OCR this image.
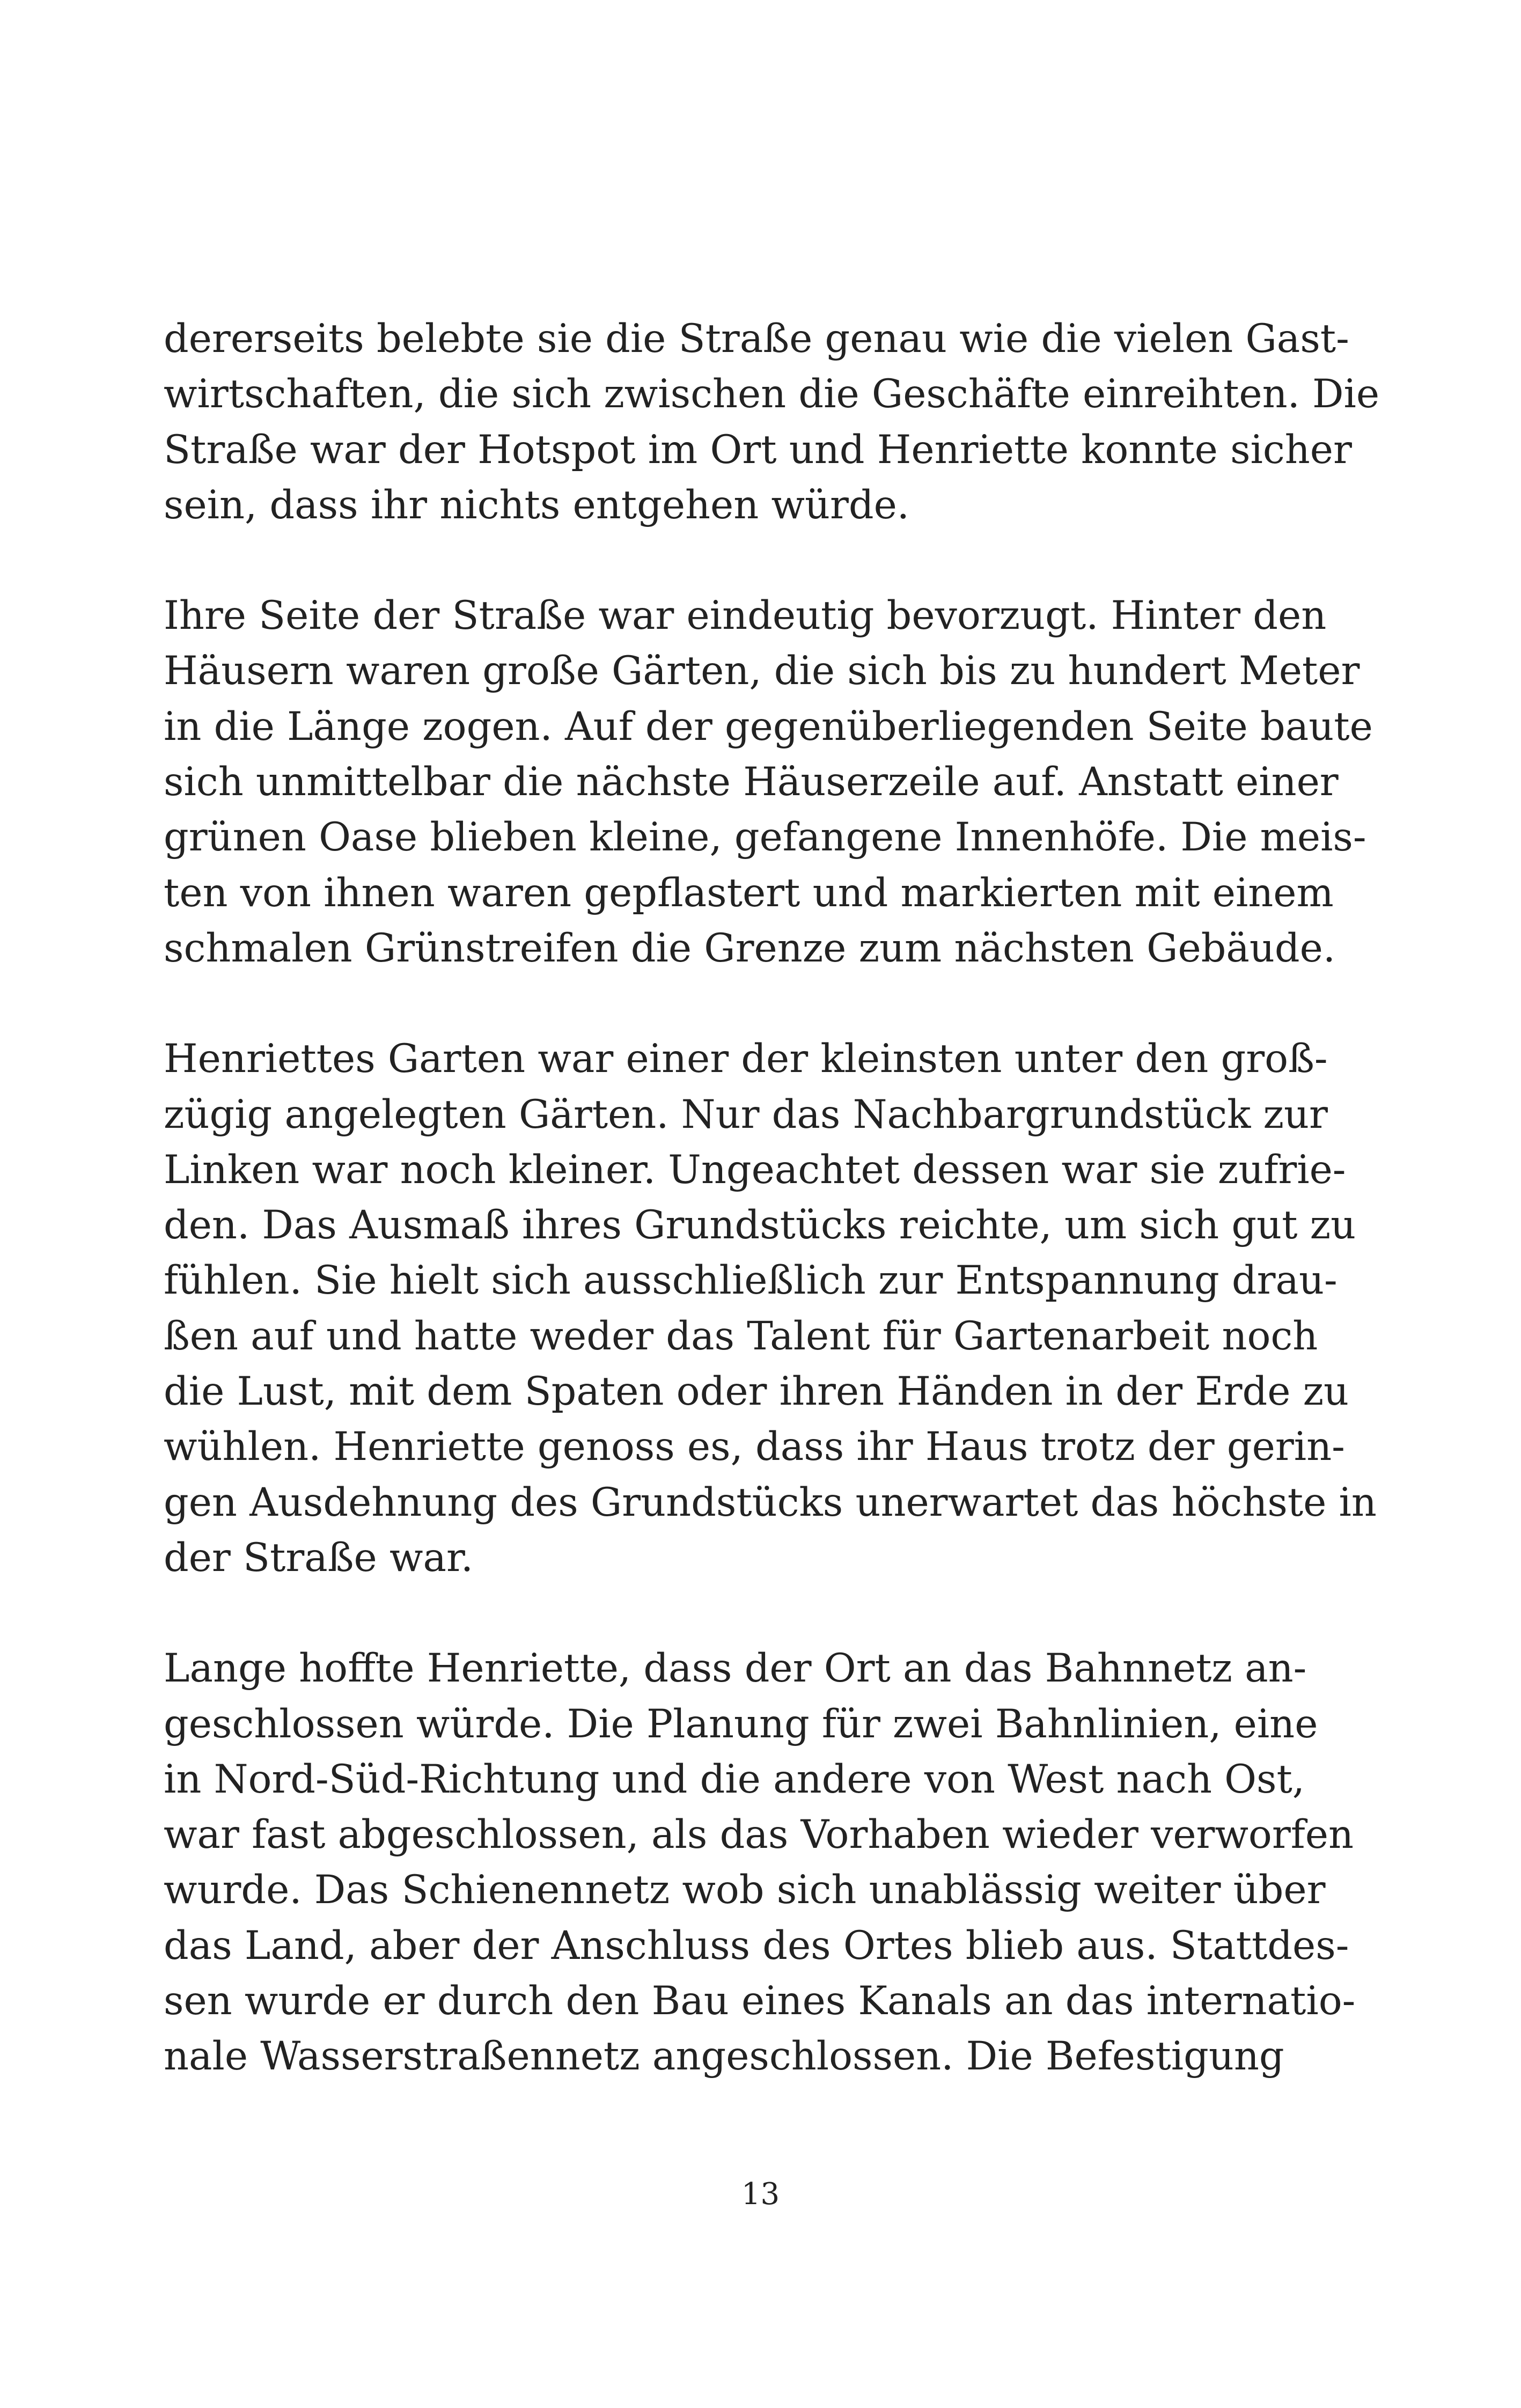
dererseits belebte sie die Straße genau wie die vielen Gast-
wirtschaften, die sich zwischen die Geschäfte einreihten. Die
Straße war der Hotspot im Ort und Henriette konnte sicher
sein, dass ihr nichts entgehen würde.

Ihre Seite der Straße war eindeutig bevorzugt. Hinter den
Häusern waren große Gärten, die sich bis zu hundert Meter
in die Länge zogen. Auf der gegenüberliegenden Seite baute
sich unmittelbar die nächste Häuserzeile auf. Anstatt einer
grünen Oase blieben kleine, gefangene Innenhöfe. Die meis-
ten von ihnen waren gepflastert und markierten mit einem
schmalen Grünstreifen die Grenze zum nächsten Gebäude.

Henriettes Garten war einer der kleinsten unter den groß-
zügig angelegten Gärten. Nur das Nachbargrundstück zur
Linken war noch kleiner. Ungeachtet dessen war sie zufrie-
den. Das Ausmaß ihres Grundstücks reichte, um sich gut zu
fühlen. Sie hielt sich ausschließlich zur Entspannung drau-
ßen auf und hatte weder das Talent für Gartenarbeit noch
die Lust, mit dem Spaten oder ihren Händen in der Erde zu
wühlen. Henriette genoss es, dass ihr Haus trotz der gerin-
gen Ausdehnung des Grundstücks unerwartet das höchste in
der Straße war.

Lange hoffte Henriette, dass der Ort an das Bahnnetz an-
geschlossen würde. Die Planung für zwei Bahnlinien, eine
in Nord-Süd-Richtung und die andere von West nach Ost,
war fast abgeschlossen, als das Vorhaben wieder verworfen
wurde. Das Schienennetz wob sich unablässig weiter über
das Land, aber der Anschluss des Ortes blieb aus. Stattdes-
sen wurde er durch den Bau eines Kanals an das internatio-
nale Wasserstraßennetz angeschlossen. Die Befestigung

13
